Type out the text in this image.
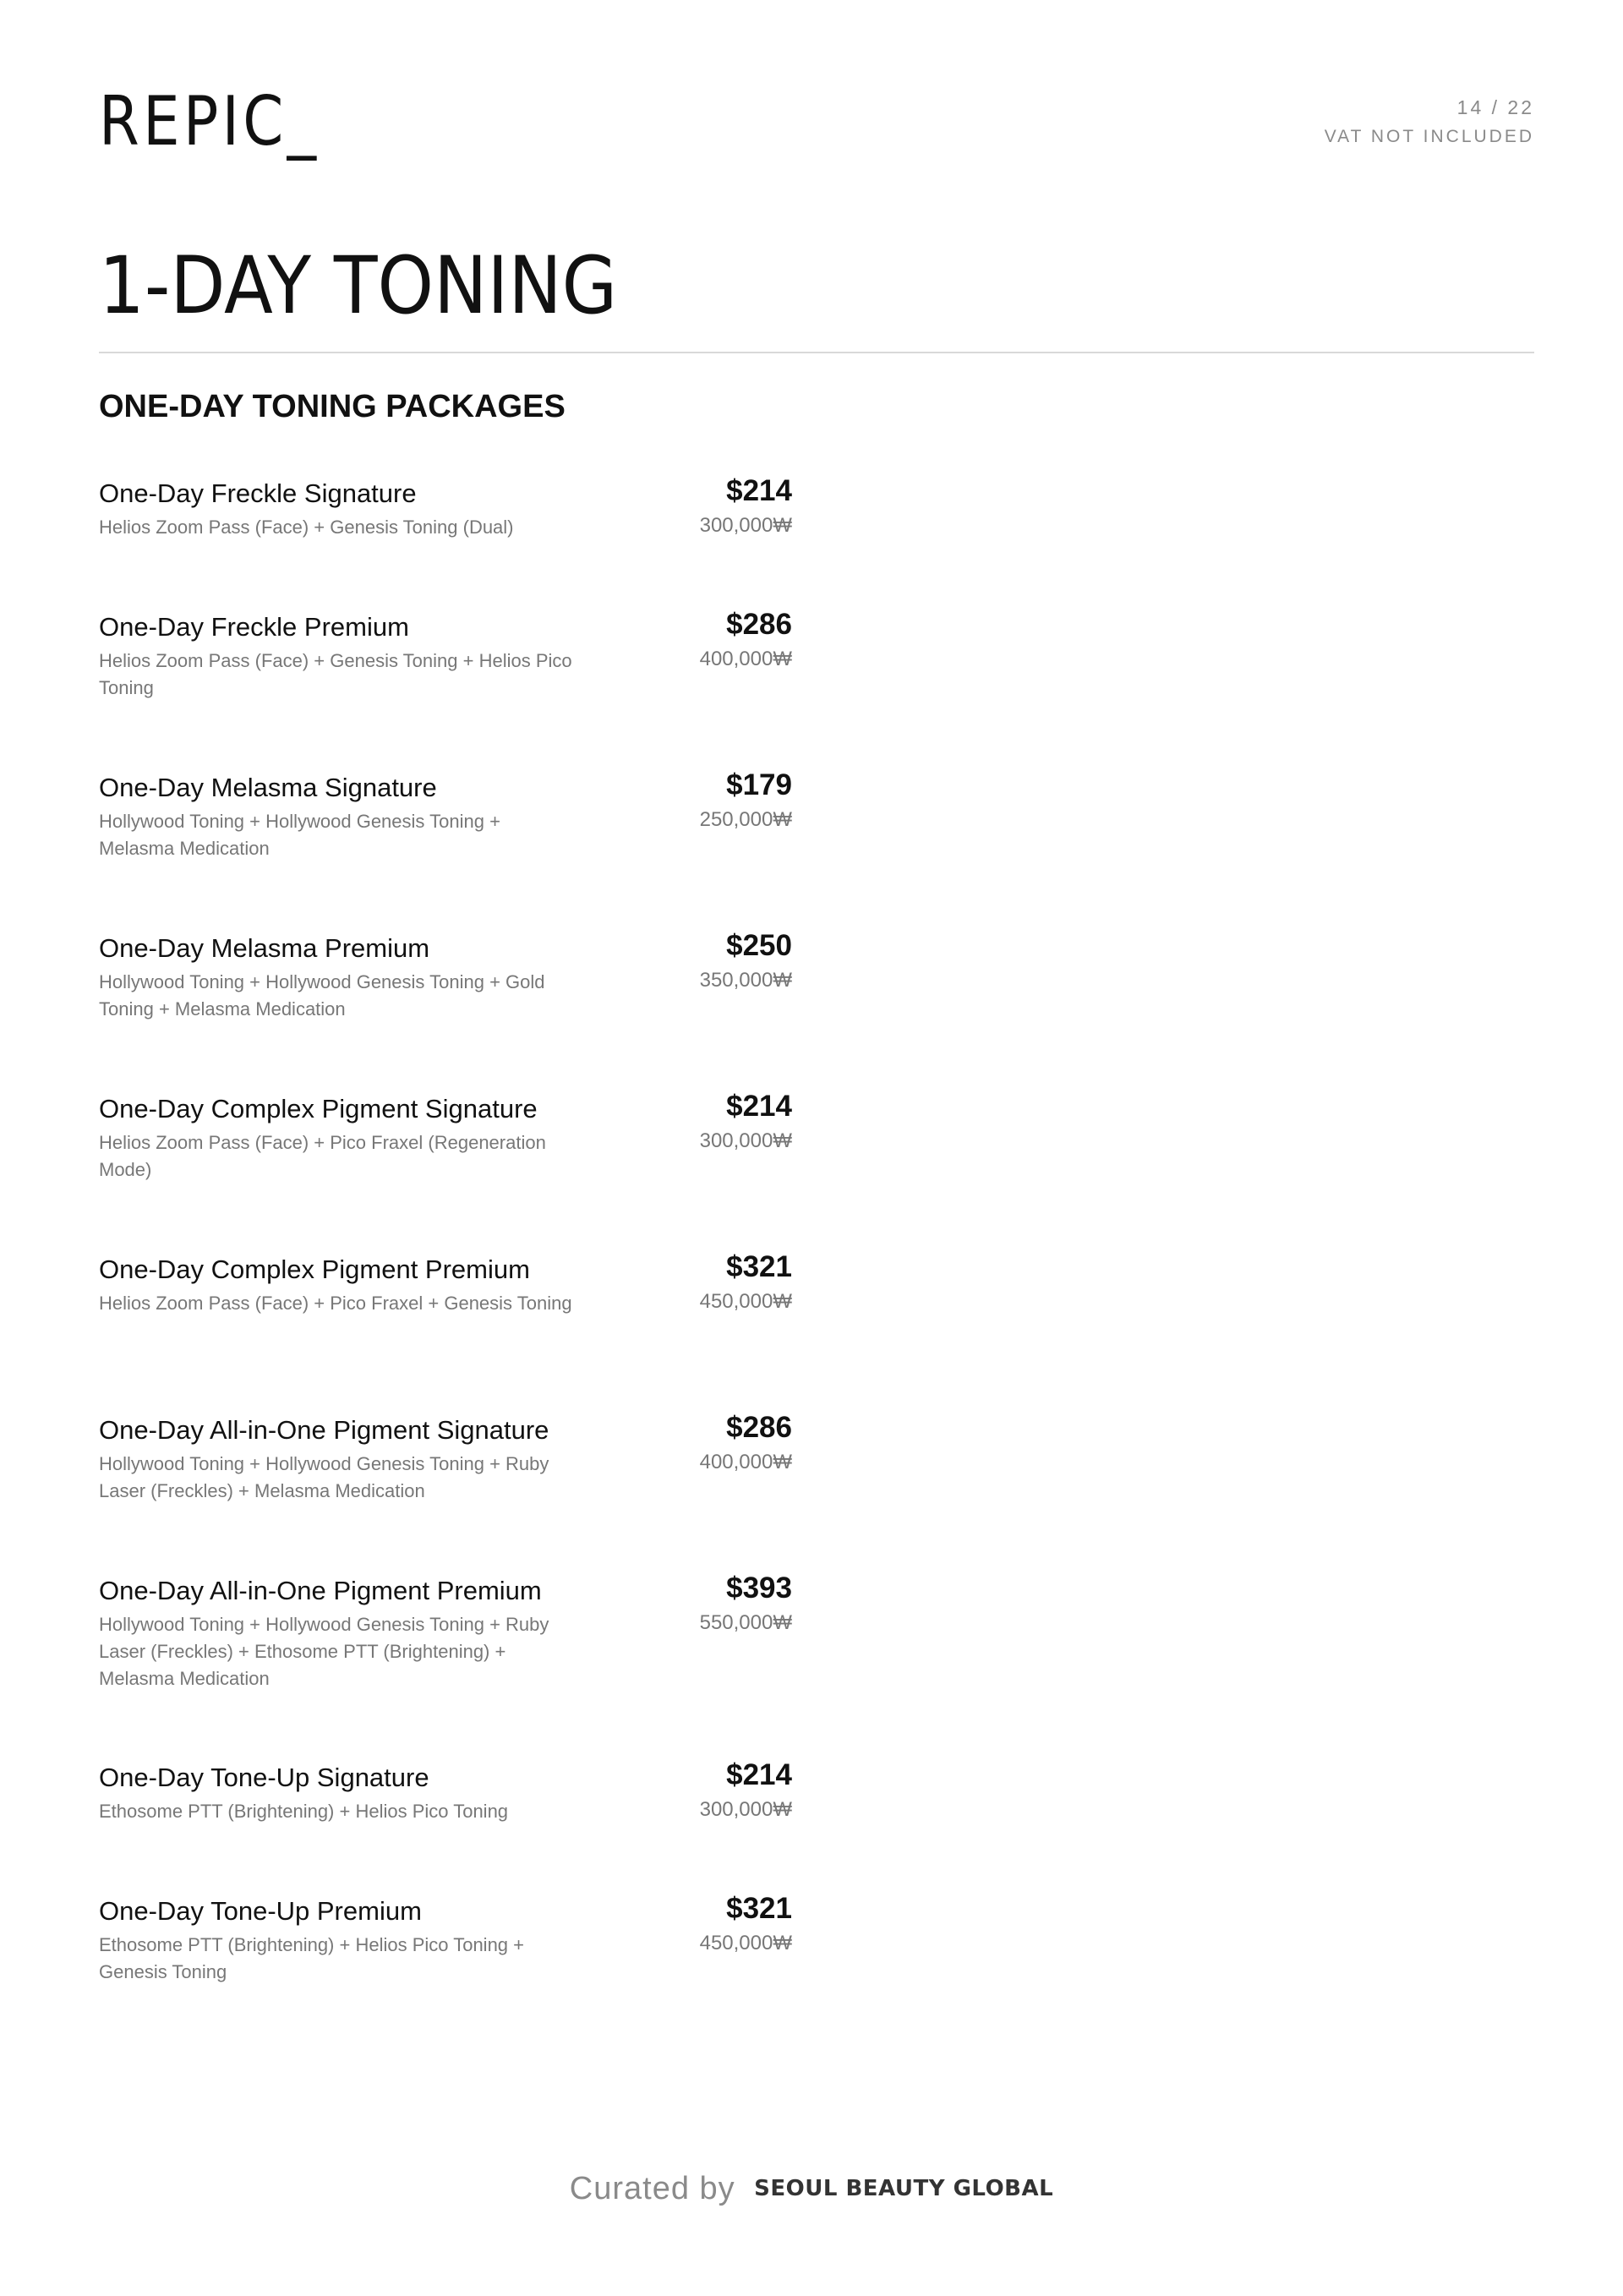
REPIC_	14 / 22
VAT NOT INCLUDED
1-DAY TONING
ONE-DAY TONING PACKAGES
One-Day Freckle Signature
Helios Zoom Pass (Face) + Genesis Toning (Dual)
$214
300,000₩
One-Day Freckle Premium
Helios Zoom Pass (Face) + Genesis Toning + Helios Pico Toning
$286
400,000₩
One-Day Melasma Signature
Hollywood Toning + Hollywood Genesis Toning + Melasma Medication
$179
250,000₩
One-Day Melasma Premium
Hollywood Toning + Hollywood Genesis Toning + Gold Toning + Melasma Medication
$250
350,000₩
One-Day Complex Pigment Signature
Helios Zoom Pass (Face) + Pico Fraxel (Regeneration Mode)
$214
300,000₩
One-Day Complex Pigment Premium
Helios Zoom Pass (Face) + Pico Fraxel + Genesis Toning
$321
450,000₩
One-Day All-in-One Pigment Signature
Hollywood Toning + Hollywood Genesis Toning + Ruby Laser (Freckles) + Melasma Medication
$286
400,000₩
One-Day All-in-One Pigment Premium
Hollywood Toning + Hollywood Genesis Toning + Ruby Laser (Freckles) + Ethosome PTT (Brightening) + Melasma Medication
$393
550,000₩
One-Day Tone-Up Signature
Ethosome PTT (Brightening) + Helios Pico Toning
$214
300,000₩
One-Day Tone-Up Premium
Ethosome PTT (Brightening) + Helios Pico Toning + Genesis Toning
$321
450,000₩
Curated by SEOUL BEAUTY GLOBAL
